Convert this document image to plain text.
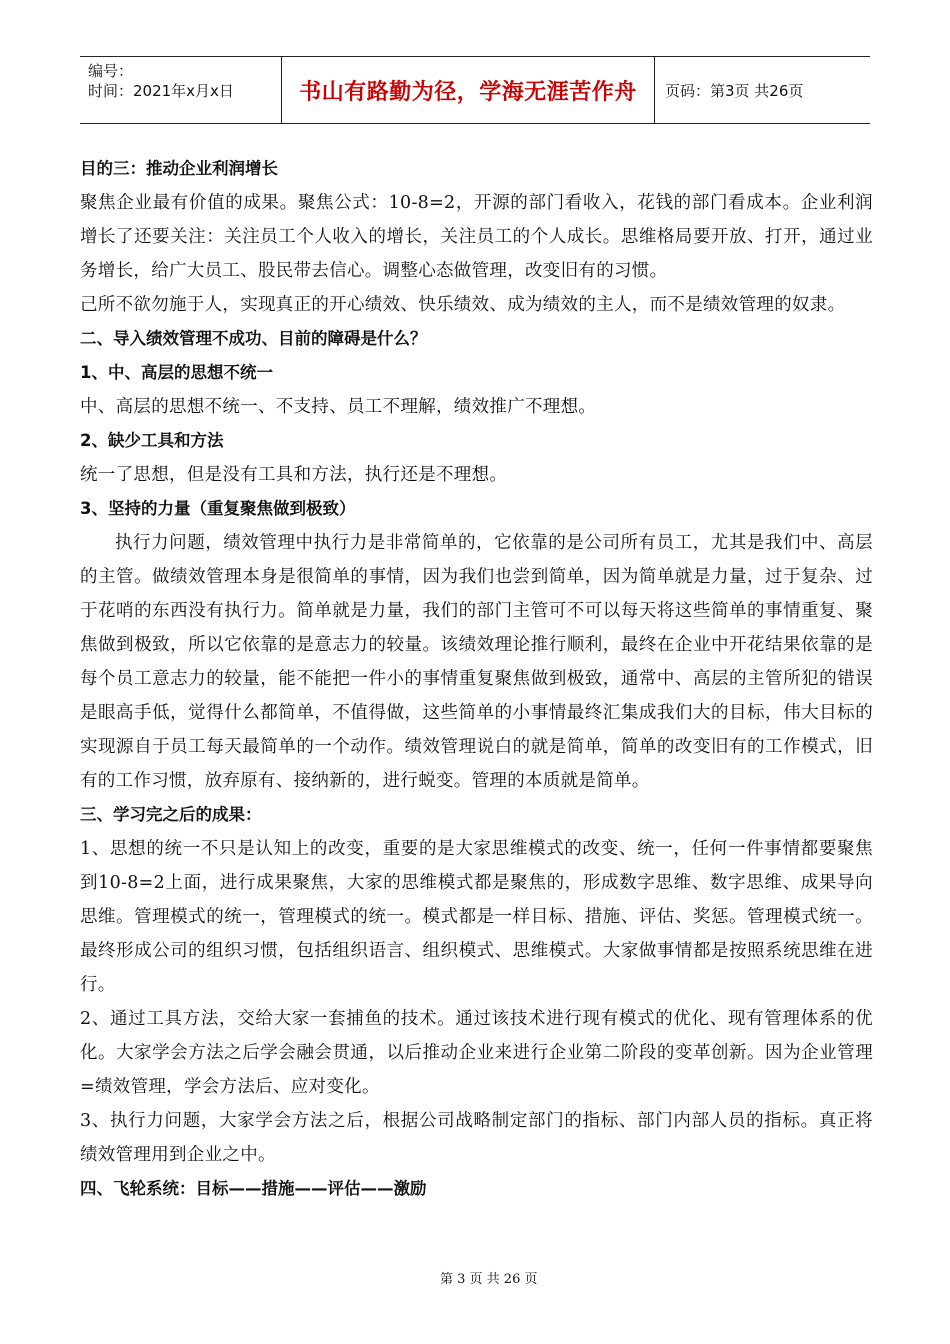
编号：
时间：2021年x月x日	书山有路勤为径，学海无涯苦作舟	页码：第3页 共26页

目的三：推动企业利润增长

聚焦企业最有价值的成果。聚焦公式：10-8=2，开源的部门看收入，花钱的部门看成本。企业利润增长了还要关注：关注员工个人收入的增长，关注员工的个人成长。思维格局要开放、打开，通过业务增长，给广大员工、股民带去信心。调整心态做管理，改变旧有的习惯。

己所不欲勿施于人，实现真正的开心绩效、快乐绩效、成为绩效的主人，而不是绩效管理的奴隶。

二、导入绩效管理不成功、目前的障碍是什么？

1、中、高层的思想不统一

中、高层的思想不统一、不支持、员工不理解，绩效推广不理想。

2、缺少工具和方法

统一了思想，但是没有工具和方法，执行还是不理想。

3、坚持的力量（重复聚焦做到极致）

执行力问题，绩效管理中执行力是非常简单的，它依靠的是公司所有员工，尤其是我们中、高层的主管。做绩效管理本身是很简单的事情，因为我们也尝到简单，因为简单就是力量，过于复杂、过于花哨的东西没有执行力。简单就是力量，我们的部门主管可不可以每天将这些简单的事情重复、聚焦做到极致，所以它依靠的是意志力的较量。该绩效理论推行顺利，最终在企业中开花结果依靠的是每个员工意志力的较量，能不能把一件小的事情重复聚焦做到极致，通常中、高层的主管所犯的错误是眼高手低，觉得什么都简单，不值得做，这些简单的小事情最终汇集成我们大的目标，伟大目标的实现源自于员工每天最简单的一个动作。绩效管理说白的就是简单，简单的改变旧有的工作模式，旧有的工作习惯，放弃原有、接纳新的，进行蜕变。管理的本质就是简单。

三、学习完之后的成果：

1、思想的统一不只是认知上的改变，重要的是大家思维模式的改变、统一，任何一件事情都要聚焦到10-8=2上面，进行成果聚焦，大家的思维模式都是聚焦的，形成数字思维、数字思维、成果导向思维。管理模式的统一，管理模式的统一。模式都是一样目标、措施、评估、奖惩。管理模式统一。最终形成公司的组织习惯，包括组织语言、组织模式、思维模式。大家做事情都是按照系统思维在进行。

2、通过工具方法，交给大家一套捕鱼的技术。通过该技术进行现有模式的优化、现有管理体系的优化。大家学会方法之后学会融会贯通，以后推动企业来进行企业第二阶段的变革创新。因为企业管理=绩效管理，学会方法后、应对变化。

3、执行力问题，大家学会方法之后，根据公司战略制定部门的指标、部门内部人员的指标。真正将绩效管理用到企业之中。

四、飞轮系统：目标——措施——评估——激励

第 3 页 共 26 页
